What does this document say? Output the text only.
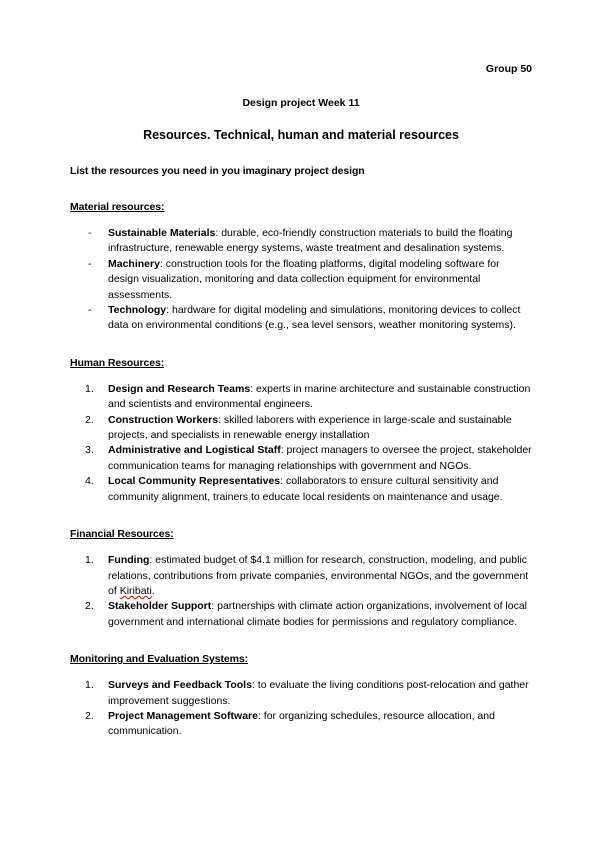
Group 50
Design project Week 11
Resources. Technical, human and material resources
List the resources you need in you imaginary project design
Material resources:
-	Sustainable Materials: durable, eco-friendly construction materials to build the floating infrastructure, renewable energy systems, waste treatment and desalination systems.
-	Machinery: construction tools for the floating platforms, digital modeling software for design visualization, monitoring and data collection equipment for environmental assessments.
-	Technology: hardware for digital modeling and simulations, monitoring devices to collect data on environmental conditions (e.g., sea level sensors, weather monitoring systems).
Human Resources:
1.	Design and Research Teams: experts in marine architecture and sustainable construction and scientists and environmental engineers.
2.	Construction Workers: skilled laborers with experience in large-scale and sustainable projects, and specialists in renewable energy installation
3.	Administrative and Logistical Staff: project managers to oversee the project, stakeholder communication teams for managing relationships with government and NGOs.
4.	Local Community Representatives: collaborators to ensure cultural sensitivity and community alignment, trainers to educate local residents on maintenance and usage.
Financial Resources:
1.	Funding: estimated budget of $4.1 million for research, construction, modeling, and public relations, contributions from private companies, environmental NGOs, and the government of Kiribati.
2.	Stakeholder Support: partnerships with climate action organizations, involvement of local government and international climate bodies for permissions and regulatory compliance.
Monitoring and Evaluation Systems:
1.	Surveys and Feedback Tools: to evaluate the living conditions post-relocation and gather improvement suggestions.
2.	Project Management Software: for organizing schedules, resource allocation, and communication.
